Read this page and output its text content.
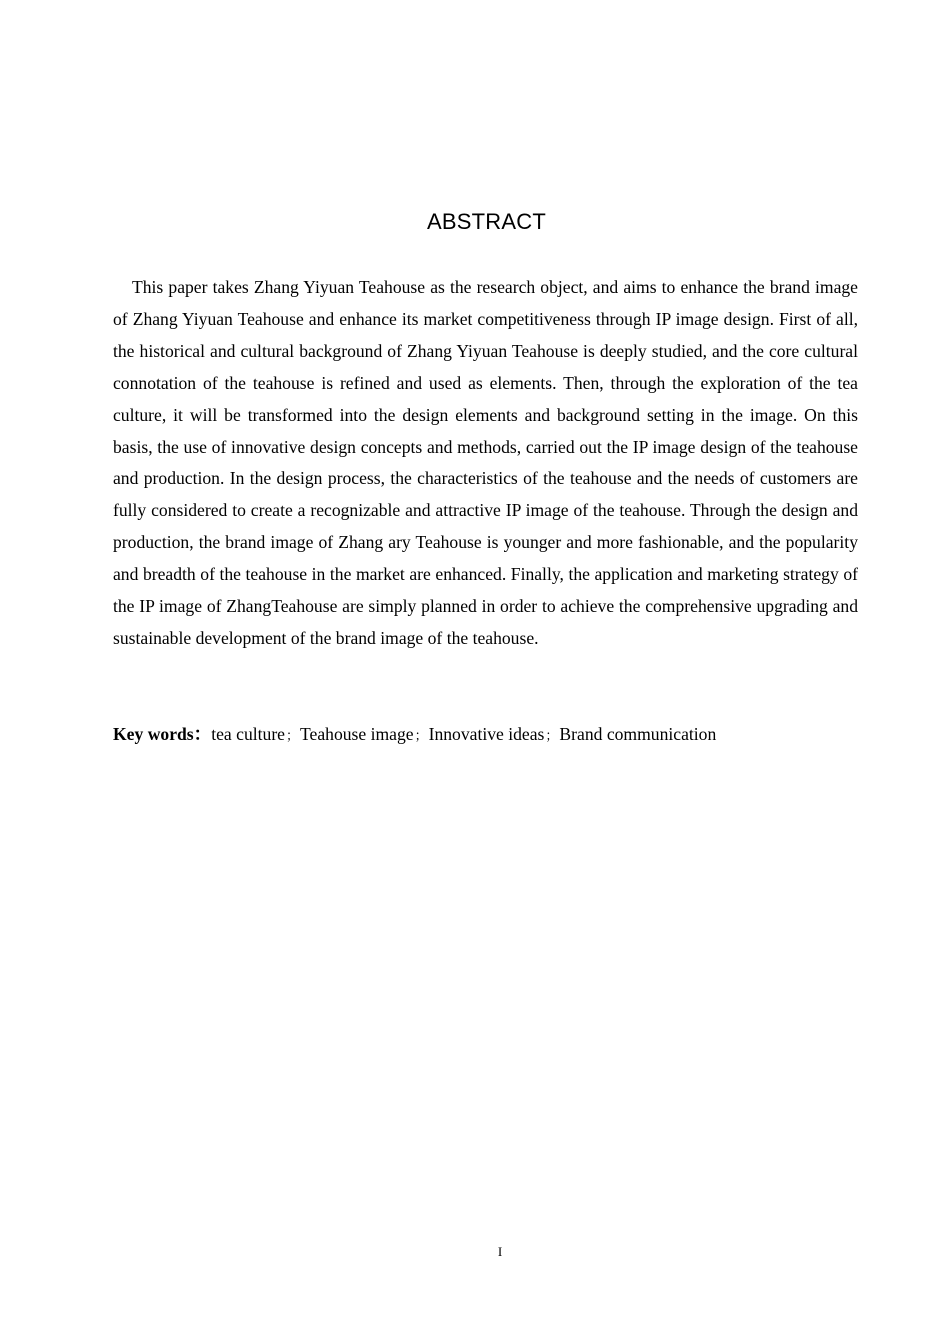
ABSTRACT

This paper takes Zhang Yiyuan Teahouse as the research object, and aims to enhance the brand image of Zhang Yiyuan Teahouse and enhance its market competitiveness through IP image design. First of all, the historical and cultural background of Zhang Yiyuan Teahouse is deeply studied, and the core cultural connotation of the teahouse is refined and used as elements. Then, through the exploration of the tea culture, it will be transformed into the design elements and background setting in the image. On this basis, the use of innovative design concepts and methods, carried out the IP image design of the teahouse and production. In the design process, the characteristics of the teahouse and the needs of customers are fully considered to create a recognizable and attractive IP image of the teahouse. Through the design and production, the brand image of Zhang ary Teahouse is younger and more fashionable, and the popularity and breadth of the teahouse in the market are enhanced. Finally, the application and marketing strategy of the IP image of ZhangTeahouse are simply planned in order to achieve the comprehensive upgrading and sustainable development of the brand image of the teahouse.

Key words：tea culture；Teahouse image；Innovative ideas；Brand communication

I
